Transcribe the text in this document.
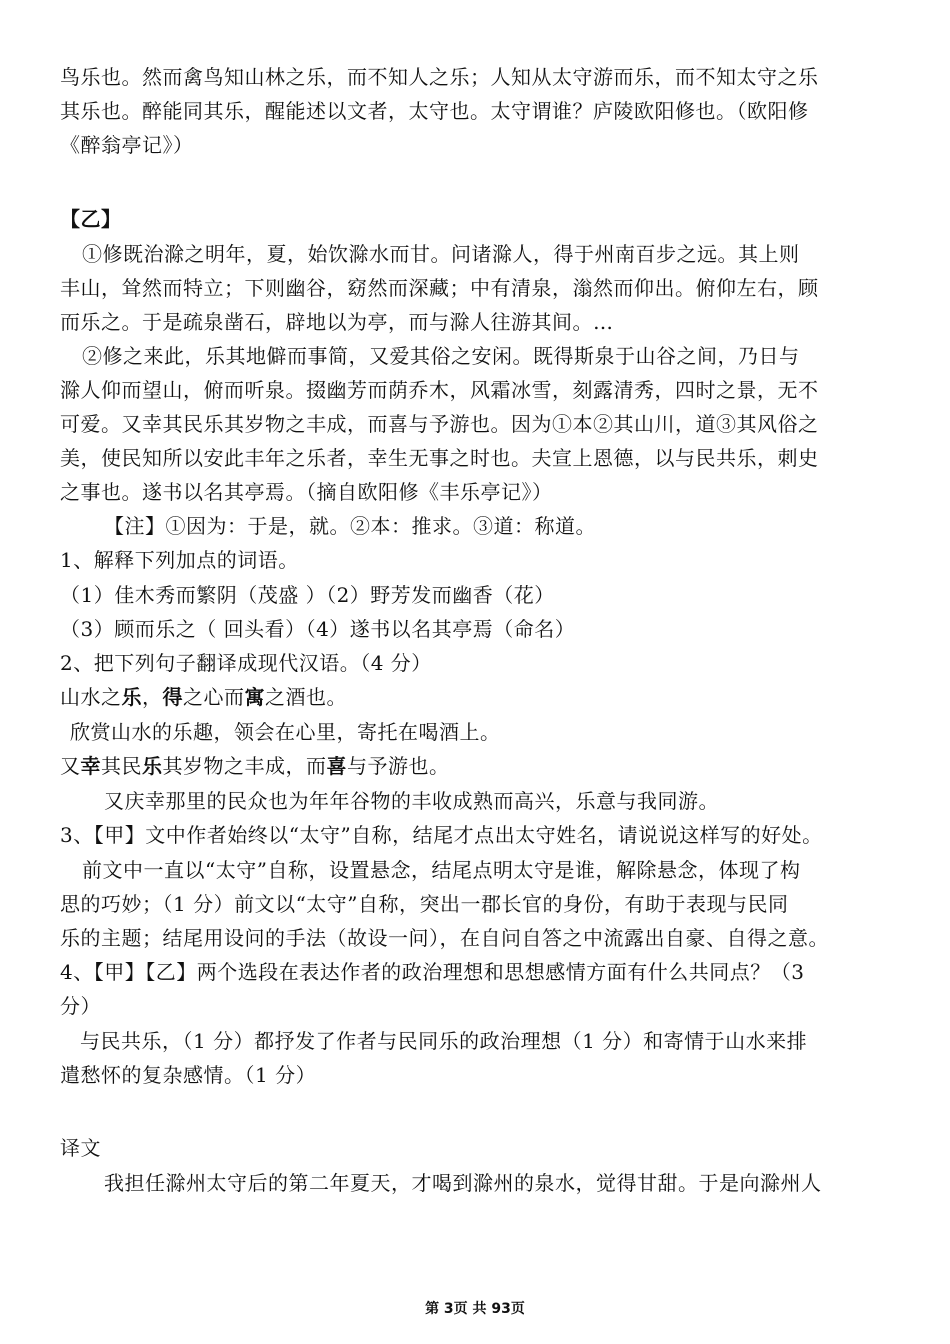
鸟乐也。然而禽鸟知山林之乐，而不知人之乐；人知从太守游而乐，而不知太守之乐
其乐也。醉能同其乐，醒能述以文者，太守也。太守谓谁？庐陵欧阳修也。（欧阳修
《醉翁亭记》）
【乙】
①修既治滁之明年，夏，始饮滁水而甘。问诸滁人，得于州南百步之远。其上则
丰山，耸然而特立；下则幽谷，窈然而深藏；中有清泉，滃然而仰出。俯仰左右，顾
而乐之。于是疏泉凿石，辟地以为亭，而与滁人往游其间。…
②修之来此，乐其地僻而事简，又爱其俗之安闲。既得斯泉于山谷之间，乃日与
滁人仰而望山，俯而听泉。掇幽芳而荫乔木，风霜冰雪，刻露清秀，四时之景，无不
可爱。又幸其民乐其岁物之丰成，而喜与予游也。因为①本②其山川，道③其风俗之
美，使民知所以安此丰年之乐者，幸生无事之时也。夫宣上恩德，以与民共乐，刺史
之事也。遂书以名其亭焉。（摘自欧阳修《丰乐亭记》）
【注】①因为：于是，就。②本：推求。③道：称道。
1、解释下列加点的词语。
（1）佳木秀而繁阴（茂盛 ）（2）野芳发而幽香（花）
（3）顾而乐之（ 回头看）（4）遂书以名其亭焉（命名）
2、把下列句子翻译成现代汉语。（4 分）
山水之乐，得之心而寓之酒也。
欣赏山水的乐趣，领会在心里，寄托在喝酒上。
又幸其民乐其岁物之丰成，而喜与予游也。
又庆幸那里的民众也为年年谷物的丰收成熟而高兴，乐意与我同游。
3、【甲】文中作者始终以“太守”自称，结尾才点出太守姓名，请说说这样写的好处。
前文中一直以“太守”自称，设置悬念，结尾点明太守是谁，解除悬念，体现了构
思的巧妙；（1 分）前文以“太守”自称，突出一郡长官的身份，有助于表现与民同
乐的主题；结尾用设问的手法（故设一问），在自问自答之中流露出自豪、自得之意。
4、【甲】【乙】两个选段在表达作者的政治理想和思想感情方面有什么共同点？（3
分）
与民共乐，（1 分）都抒发了作者与民同乐的政治理想（1 分）和寄情于山水来排
遣愁怀的复杂感情。（1 分）
译文
我担任滁州太守后的第二年夏天，才喝到滁州的泉水，觉得甘甜。于是向滁州人
第 3页 共 93页
